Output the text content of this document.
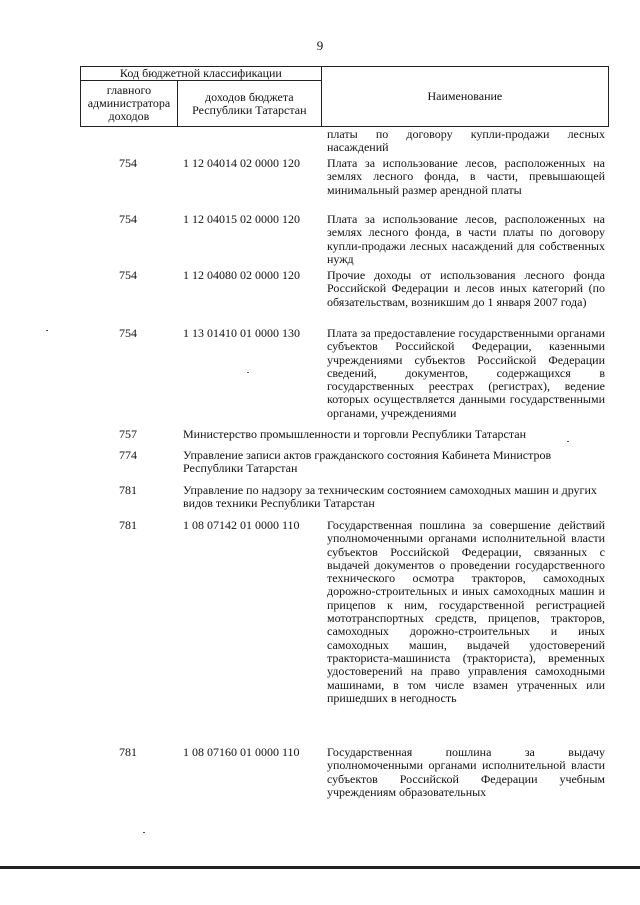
9
Код бюджетной классификации		Наименование
главного администратора доходов	доходов бюджета Республики Татарстан	
платы по договору купли-продажи лесных насаждений
754	1 12 04014 02 0000 120	Плата за использование лесов, расположенных на землях лесного фонда, в части, превышающей минимальный размер арендной платы
754	1 12 04015 02 0000 120	Плата за использование лесов, расположенных на землях лесного фонда, в части платы по договору купли-продажи лесных насаждений для собственных нужд
754	1 12 04080 02 0000 120	Прочие доходы от использования лесного фонда Российской Федерации и лесов иных категорий (по обязательствам, возникшим до 1 января 2007 года)
754	1 13 01410 01 0000 130	Плата за предоставление государственными органами субъектов Российской Федерации, казенными учреждениями субъектов Российской Федерации сведений, документов, содержащихся в государственных реестрах (регистрах), ведение которых осуществляется данными государственными органами, учреждениями
757	Министерство промышленности и торговли Республики Татарстан
774	Управление записи актов гражданского состояния Кабинета Министров Республики Татарстан
781	Управление по надзору за техническим состоянием самоходных машин и других видов техники Республики Татарстан
781	1 08 07142 01 0000 110	Государственная пошлина за совершение действий уполномоченными органами исполнительной власти субъектов Российской Федерации, связанных с выдачей документов о проведении государственного технического осмотра тракторов, самоходных дорожно-строительных и иных самоходных машин и прицепов к ним, государственной регистрацией мототранспортных средств, прицепов, тракторов, самоходных дорожно-строительных и иных самоходных машин, выдачей удостоверений тракториста-машиниста (тракториста), временных удостоверений на право управления самоходными машинами, в том числе взамен утраченных или пришедших в негодность
781	1 08 07160 01 0000 110	Государственная пошлина за выдачу уполномоченными органами исполнительной власти субъектов Российской Федерации учебным учреждениям образовательных
